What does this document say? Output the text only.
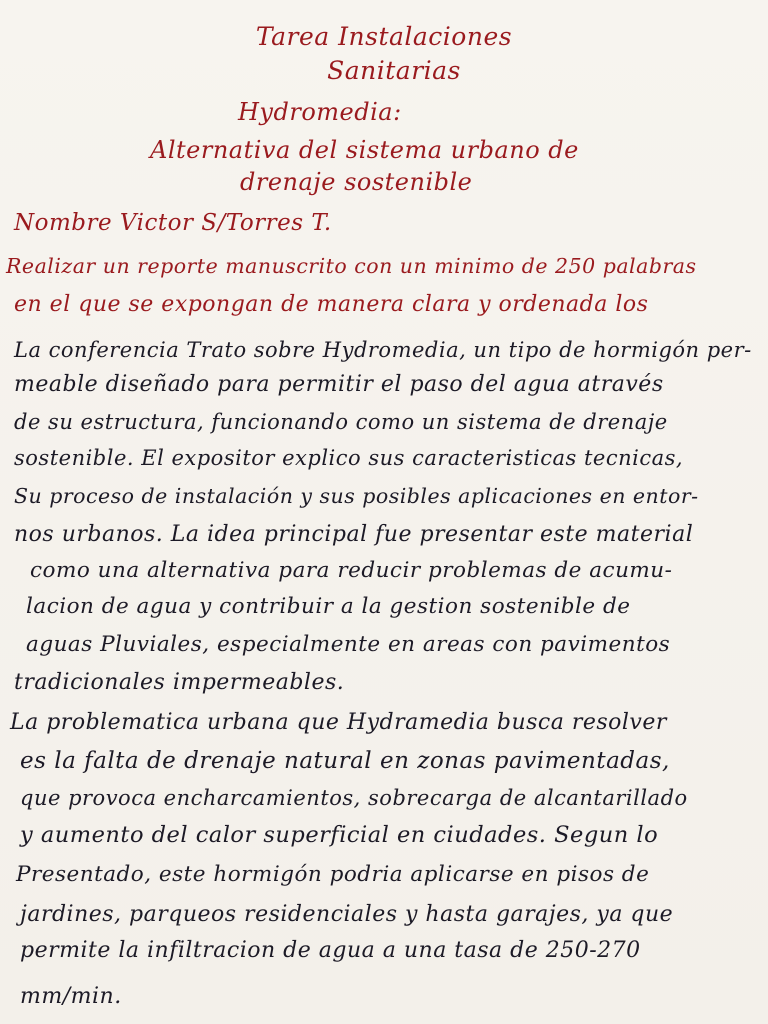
Tarea Instalaciones
Sanitarias
Hydromedia:
Alternativa del sistema urbano de
drenaje sostenible
Nombre Victor S/Torres T.
Realizar un reporte manuscrito con un minimo de 250 palabras
en el que se expongan de manera clara y ordenada los
La conferencia Trato sobre Hydromedia, un tipo de hormigón per-
meable diseñado para permitir el paso del agua através
de su estructura, funcionando como un sistema de drenaje
sostenible. El expositor explico sus caracteristicas tecnicas,
Su proceso de instalación y sus posibles aplicaciones en entor-
nos urbanos. La idea principal fue presentar este material
como una alternativa para reducir problemas de acumu-
lacion de agua y contribuir a la gestion sostenible de
aguas Pluviales, especialmente en areas con pavimentos
tradicionales impermeables.
La problematica urbana que Hydramedia busca resolver
es la falta de drenaje natural en zonas pavimentadas,
que provoca encharcamientos, sobrecarga de alcantarillado
y aumento del calor superficial en ciudades. Segun lo
Presentado, este hormigón podria aplicarse en pisos de
jardines, parqueos residenciales y hasta garajes, ya que
permite la infiltracion de agua a una tasa de 250-270
mm/min.
